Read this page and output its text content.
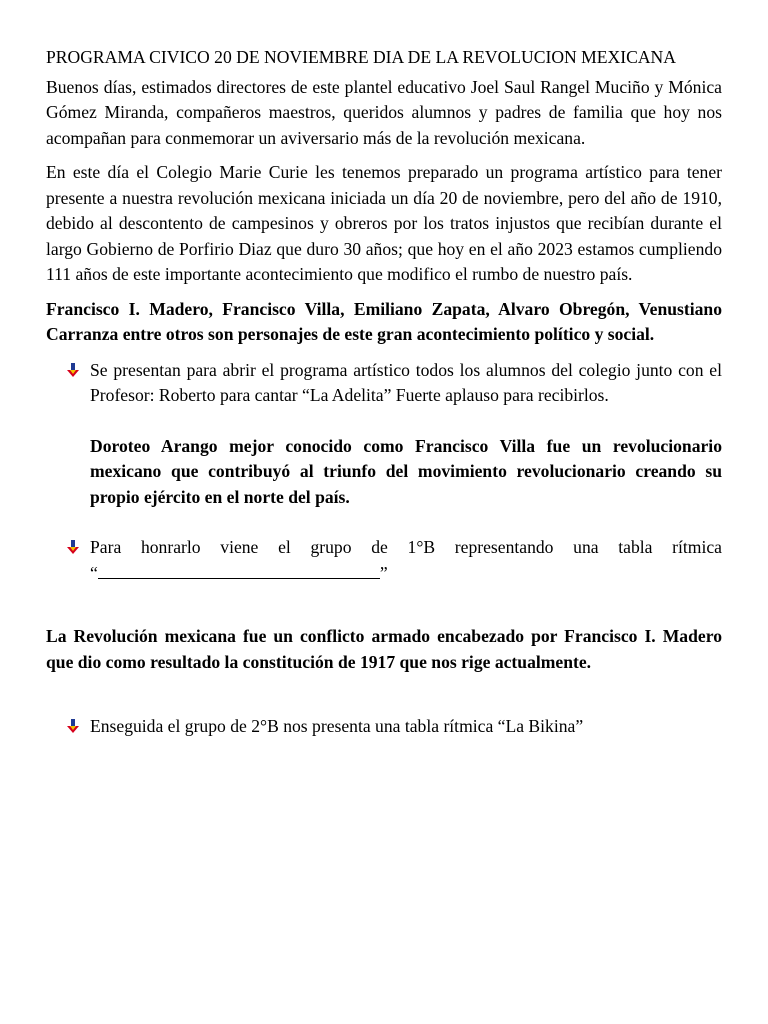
PROGRAMA CIVICO 20 DE NOVIEMBRE DIA DE LA REVOLUCION MEXICANA

Buenos días, estimados directores de este plantel educativo Joel Saul Rangel Muciño y Mónica Gómez Miranda, compañeros maestros, queridos alumnos y padres de familia que hoy nos acompañan para conmemorar un aviversario más de la revolución mexicana.

En este día el Colegio Marie Curie les tenemos preparado un programa artístico para tener presente a nuestra revolución mexicana iniciada un día 20 de noviembre, pero del año de 1910, debido al descontento de campesinos y obreros por los tratos injustos que recibían durante el largo Gobierno de Porfirio Diaz que duro 30 años; que hoy en el año 2023 estamos cumpliendo 111 años de este importante acontecimiento que modifico el rumbo de nuestro país.

Francisco I. Madero, Francisco Villa, Emiliano Zapata, Alvaro Obregón, Venustiano Carranza entre otros son personajes de este gran acontecimiento político y social.

Se presentan para abrir el programa artístico todos los alumnos del colegio junto con el Profesor: Roberto para cantar “La Adelita” Fuerte aplauso para recibirlos.

Doroteo Arango mejor conocido como Francisco Villa fue un revolucionario mexicano que contribuyó al triunfo del movimiento revolucionario creando su propio ejército en el norte del país.

Para honrarlo viene el grupo de 1°B representando una tabla rítmica

“	”

La Revolución mexicana fue un conflicto armado encabezado por Francisco I. Madero que dio como resultado la constitución de 1917 que nos rige actualmente.

Enseguida el grupo de 2°B nos presenta una tabla rítmica “La Bikina”
